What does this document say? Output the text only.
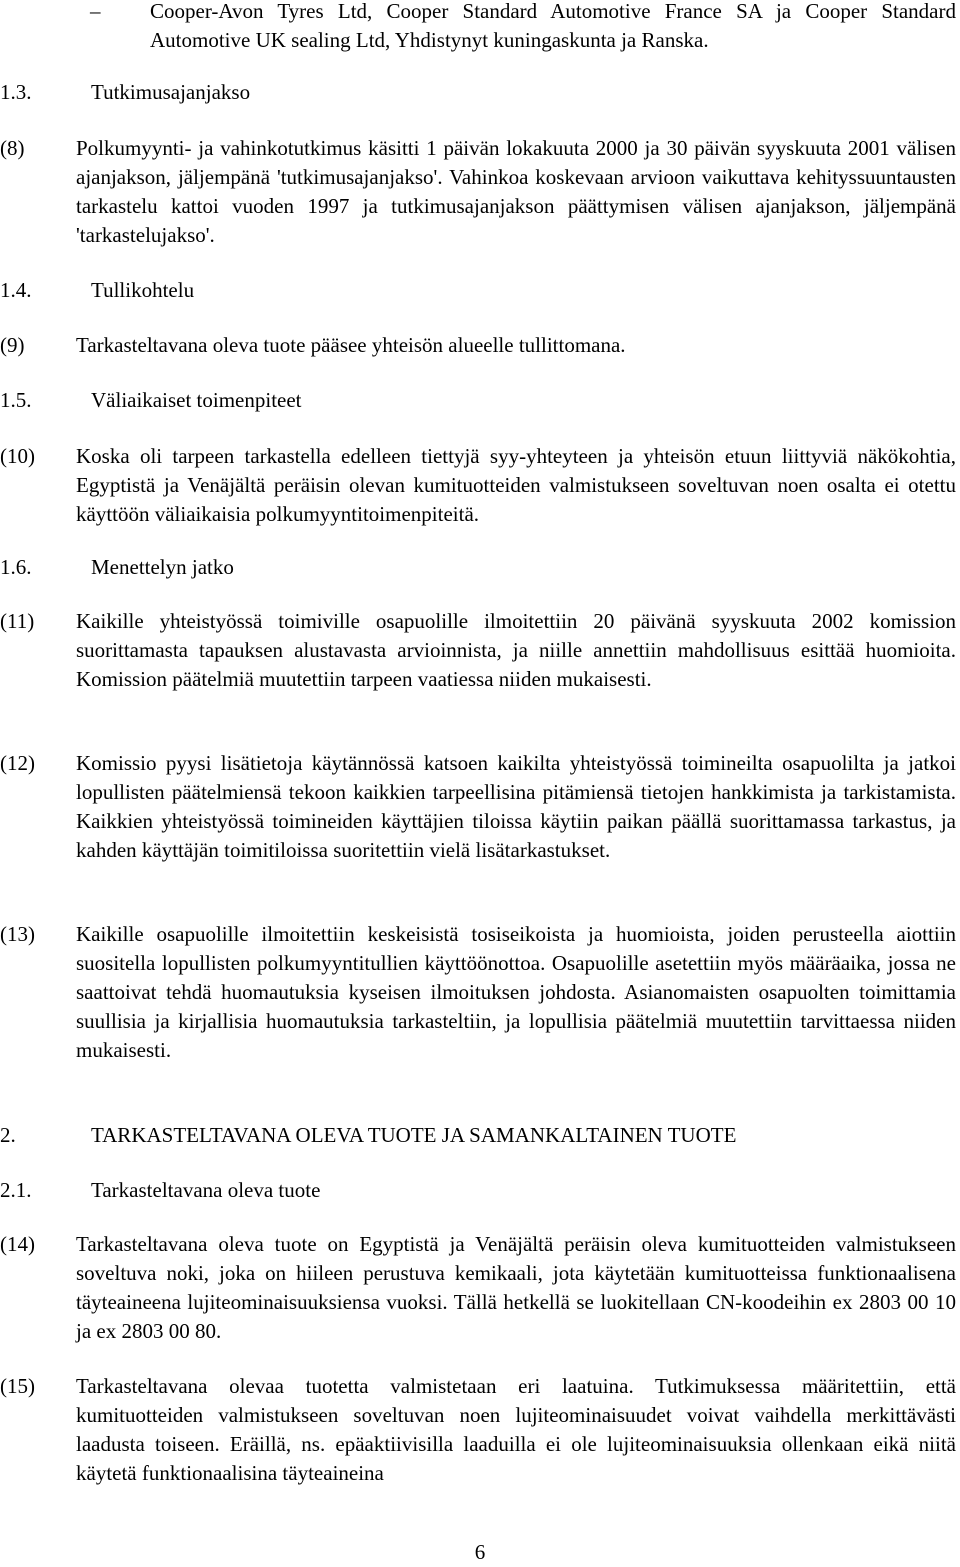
– Cooper-Avon Tyres Ltd, Cooper Standard Automotive France SA ja Cooper Standard Automotive UK sealing Ltd, Yhdistynyt kuningaskunta ja Ranska.
1.3.	Tutkimusajanjakso
(8) Polkumyynti- ja vahinkotutkimus käsitti 1 päivän lokakuuta 2000 ja 30 päivän syyskuuta 2001 välisen ajanjakson, jäljempänä 'tutkimusajanjakso'. Vahinkoa koskevaan arvioon vaikuttava kehityssuuntausten tarkastelu kattoi vuoden 1997 ja tutkimusajanjakson päättymisen välisen ajanjakson, jäljempänä 'tarkastelujakso'.
1.4.	Tullikohtelu
(9) Tarkasteltavana oleva tuote pääsee yhteisön alueelle tullittomana.
1.5.	Väliaikaiset toimenpiteet
(10) Koska oli tarpeen tarkastella edelleen tiettyjä syy-yhteyteen ja yhteisön etuun liittyviä näkökohtia, Egyptistä ja Venäjältä peräisin olevan kumituotteiden valmistukseen soveltuvan noen osalta ei otettu käyttöön väliaikaisia polkumyyntitoimenpiteitä.
1.6.	Menettelyn jatko
(11) Kaikille yhteistyössä toimiville osapuolille ilmoitettiin 20 päivänä syyskuuta 2002 komission suorittamasta tapauksen alustavasta arvioinnista, ja niille annettiin mahdollisuus esittää huomioita. Komission päätelmiä muutettiin tarpeen vaatiessa niiden mukaisesti.
(12) Komissio pyysi lisätietoja käytännössä katsoen kaikilta yhteistyössä toimineilta osapuolilta ja jatkoi lopullisten päätelmiensä tekoon kaikkien tarpeellisina pitämiensä tietojen hankkimista ja tarkistamista. Kaikkien yhteistyössä toimineiden käyttäjien tiloissa käytiin paikan päällä suorittamassa tarkastus, ja kahden käyttäjän toimitiloissa suoritettiin vielä lisätarkastukset.
(13) Kaikille osapuolille ilmoitettiin keskeisistä tosiseikoista ja huomioista, joiden perusteella aiottiin suositella lopullisten polkumyyntitullien käyttöönottoa. Osapuolille asetettiin myös määräaika, jossa ne saattoivat tehdä huomautuksia kyseisen ilmoituksen johdosta. Asianomaisten osapuolten toimittamia suullisia ja kirjallisia huomautuksia tarkasteltiin, ja lopullisia päätelmiä muutettiin tarvittaessa niiden mukaisesti.
2.	TARKASTELTAVANA OLEVA TUOTE JA SAMANKALTAINEN TUOTE
2.1.	Tarkasteltavana oleva tuote
(14) Tarkasteltavana oleva tuote on Egyptistä ja Venäjältä peräisin oleva kumituotteiden valmistukseen soveltuva noki, joka on hiileen perustuva kemikaali, jota käytetään kumituotteissa funktionaalisena täyteaineena lujiteominaisuuksiensa vuoksi. Tällä hetkellä se luokitellaan CN-koodeihin ex 2803 00 10 ja ex 2803 00 80.
(15) Tarkasteltavana olevaa tuotetta valmistetaan eri laatuina. Tutkimuksessa määritettiin, että kumituotteiden valmistukseen soveltuvan noen lujiteominaisuudet voivat vaihdella merkittävästi laadusta toiseen. Eräillä, ns. epäaktiivisilla laaduilla ei ole lujiteominaisuuksia ollenkaan eikä niitä käytetä funktionaalisina täyteaineina
6
